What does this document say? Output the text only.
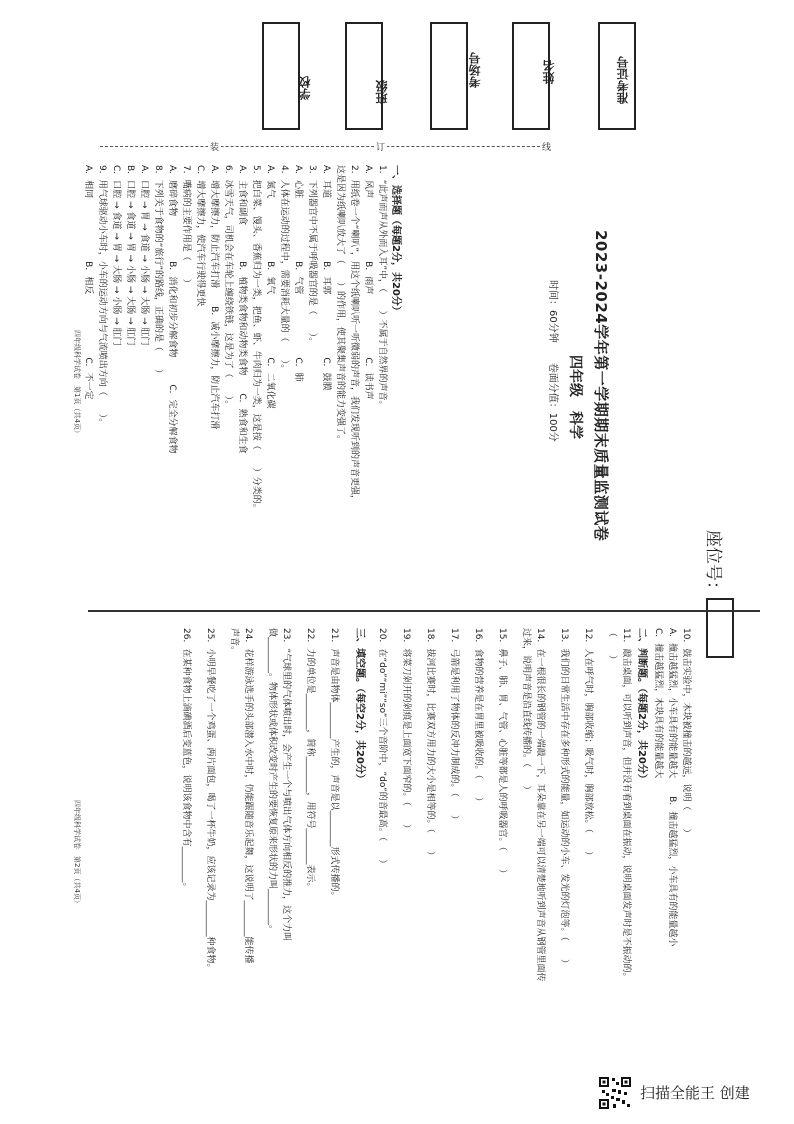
准考证号
姓名
考场号
班级
学校
装	订	线
2023-2024学年第一学期期末质量监测试卷
四年级　科学
时间：60分钟　　卷面分值：100分
座位号：
一、选择题（每题2分，共20分）
1．“此声而声从外而入耳”中，（　　）不属于自然界的声音。
A．风声　　　　　　　B．雨声　　　　　　　C．读书声
2．用纸卷一个“喇叭”，用这个纸喇叭听一听微弱的声音，我们发现听到的声音更强，
这是因为纸喇叭放大了（　　）的作用，使其聚集声音的能力变强了。
A．耳道　　　　　　　B．耳郭　　　　　　　C．鼓膜
3．下列器官中不属于呼吸器官的是（　　）。
A．心脏　　　　　　　B．气管　　　　　　　C．肺
4．人体在运动的过程中，需要消耗大量的（　　）。
A．氮气　　　　　　　B．氧气　　　　　　　C．二氧化碳
5．把白菜、馒头、香蕉归为一类，把鱼、虾、牛肉归为一类，这是按（　　）分类的。
A．主食和副食　　　　B．植物类食物和动物类食物　　C．熟食和生食
6．冰雪天气，司机会在车轮上缠绕铁链，这是为了（　　）。
A．增大摩擦力，防止汽车打滑　　B．减小摩擦力，防止汽车打滑
C．增大摩擦力，使汽车行驶得更快
7．嘴病的主要作用是（　　）
A．磨碎食物　　　　　B．消化和初步分解食物　　　C．完全分解食物
8．下列关于食物的“旅行”的路线，正确的是（　　）
A．口腔 → 胃 → 食道 → 小肠 → 大肠 → 肛门
B．口腔 → 食道 → 胃 → 小肠 → 大肠 → 肛门
C．口腔 → 食道 → 胃 → 大肠 → 小肠 → 肛门
9．用气球驱动小车时，小车的运动方向与气流喷出方向（　　）。
A．相同　　　　　　　B．相反　　　　　　　C．不一定
四年级科学试卷　第1页（共4页）
10．鼓击实验中，木块被撞击的越远，说明（　　）
A．撞击越猛烈，小车具有的能量越大　　B．撞击越猛烈，小车具有的能量越小
C．撞击越猛烈，木块具有的能量越大
二、判断题。（每题2分，共20分）
11．敲击桌面，可以听到声音，但并没有看到桌面在振动，说明桌面发声时是不振动的。
（　　）
12．人在呼气时，胸部收缩；吸气时，胸部放松。（　　）
13．我们的日常生活中存在多种形式的能量，如运动的小车、发光的灯泡等。（　　）
14．在一根很长的钢管的一端敲一下，耳朵靠在另一端可以清楚地听到声音从钢管里面传
过来，说明声音是沿直线传播的。（　　）
15．鼻子、肺、胃、气管、心脏等都是人的呼吸器官。（　　）
16．食物的营养是在胃里被吸收的。（　　）
17．弓箭是利用了物体的反冲力制成的。（　　）
18．拔河比赛时，比赛双方用力的大小是相等的。（　　）
19．将菜刀剁开的剁痕是上面宽下面窄的。（　　）
20．在“do”“mi”“so”三个音阶中，“do”的音最高。（　　）
三、填空题。（每空2分，共20分）
21．声音是由物体________产生的，声音是以________形式传播的。
22．力的单位是________，简称________，用符号________表示。
23．“气球里的气体喷出时，会产生一个与喷出气体方向相反的推力，这个力叫
做________。物体形状或体积改变时产生的要恢复原来形状的力叫________。
24．花样游泳选手的头部潜入水中时，仍能跟随音乐起舞，这说明了________能传播
声音。
25．小明早餐吃了一个鸡蛋、两片面包，喝了一杯牛奶，应该记录为________种食物。
26．在某种食物上滴碘酒后变蓝色，说明该食物中含有________。
四年级科学试卷　第2页（共4页）
扫描全能王 创建
